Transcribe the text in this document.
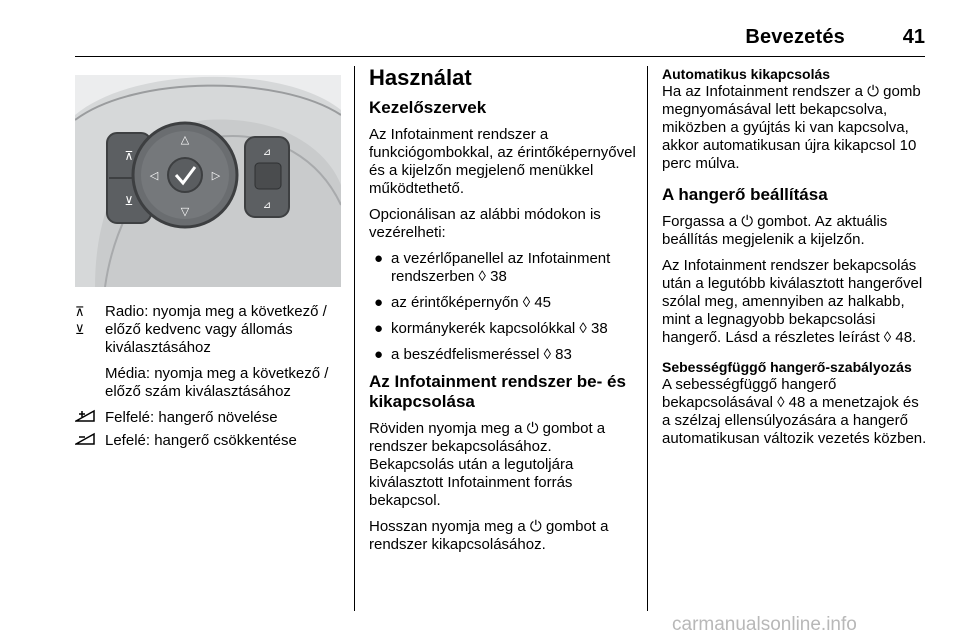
Bevezetés	41
⊼
⊻
△
▽
◁	▷
⊿
⊿
⊼
⊻
Radio: nyomja meg a következő / előző kedvenc vagy állomás kiválasztásához
Média: nyomja meg a következő / előző szám kiválasztásához
Felfelé: hangerő növelése
Lefelé: hangerő csökkentése
Használat
Kezelőszervek

Az Infotainment rendszer a funkciógombokkal, az érintőképernyővel és a kijelzőn megjelenő menükkel működtethető.

Opcionálisan az alábbi módokon is vezérelheti:

● a vezérlőpanellel az Infotainment rendszerben ◊ 38
● az érintőképernyőn ◊ 45
● kormánykerék kapcsolókkal ◊ 38
● a beszédfelismeréssel ◊ 83
Az Infotainment rendszer be- és kikapcsolása

Röviden nyomja meg a ⏻ gombot a rendszer bekapcsolásához. Bekapcsolás után a legutoljára kiválasztott Infotainment forrás bekapcsol.

Hosszan nyomja meg a ⏻ gombot a rendszer kikapcsolásához.

Automatikus kikapcsolás

Ha az Infotainment rendszer a ⏻ gomb megnyomásával lett bekapcsolva, miközben a gyújtás ki van kapcsolva, akkor automatikusan újra kikapcsol 10 perc múlva.

A hangerő beállítása

Forgassa a ⏻ gombot. Az aktuális beállítás megjelenik a kijelzőn.

Az Infotainment rendszer bekapcsolás után a legutóbb kiválasztott hangerővel szólal meg, amennyiben az halkabb, mint a legnagyobb bekapcsolási hangerő. Lásd a részletes leírást ◊ 48.

Sebességfüggő hangerő-szabályozás

A sebességfüggő hangerő bekapcsolásával ◊ 48 a menetzajok és a szélzaj ellensúlyozására a hangerő automatikusan változik vezetés közben.

carmanualsonline.info
